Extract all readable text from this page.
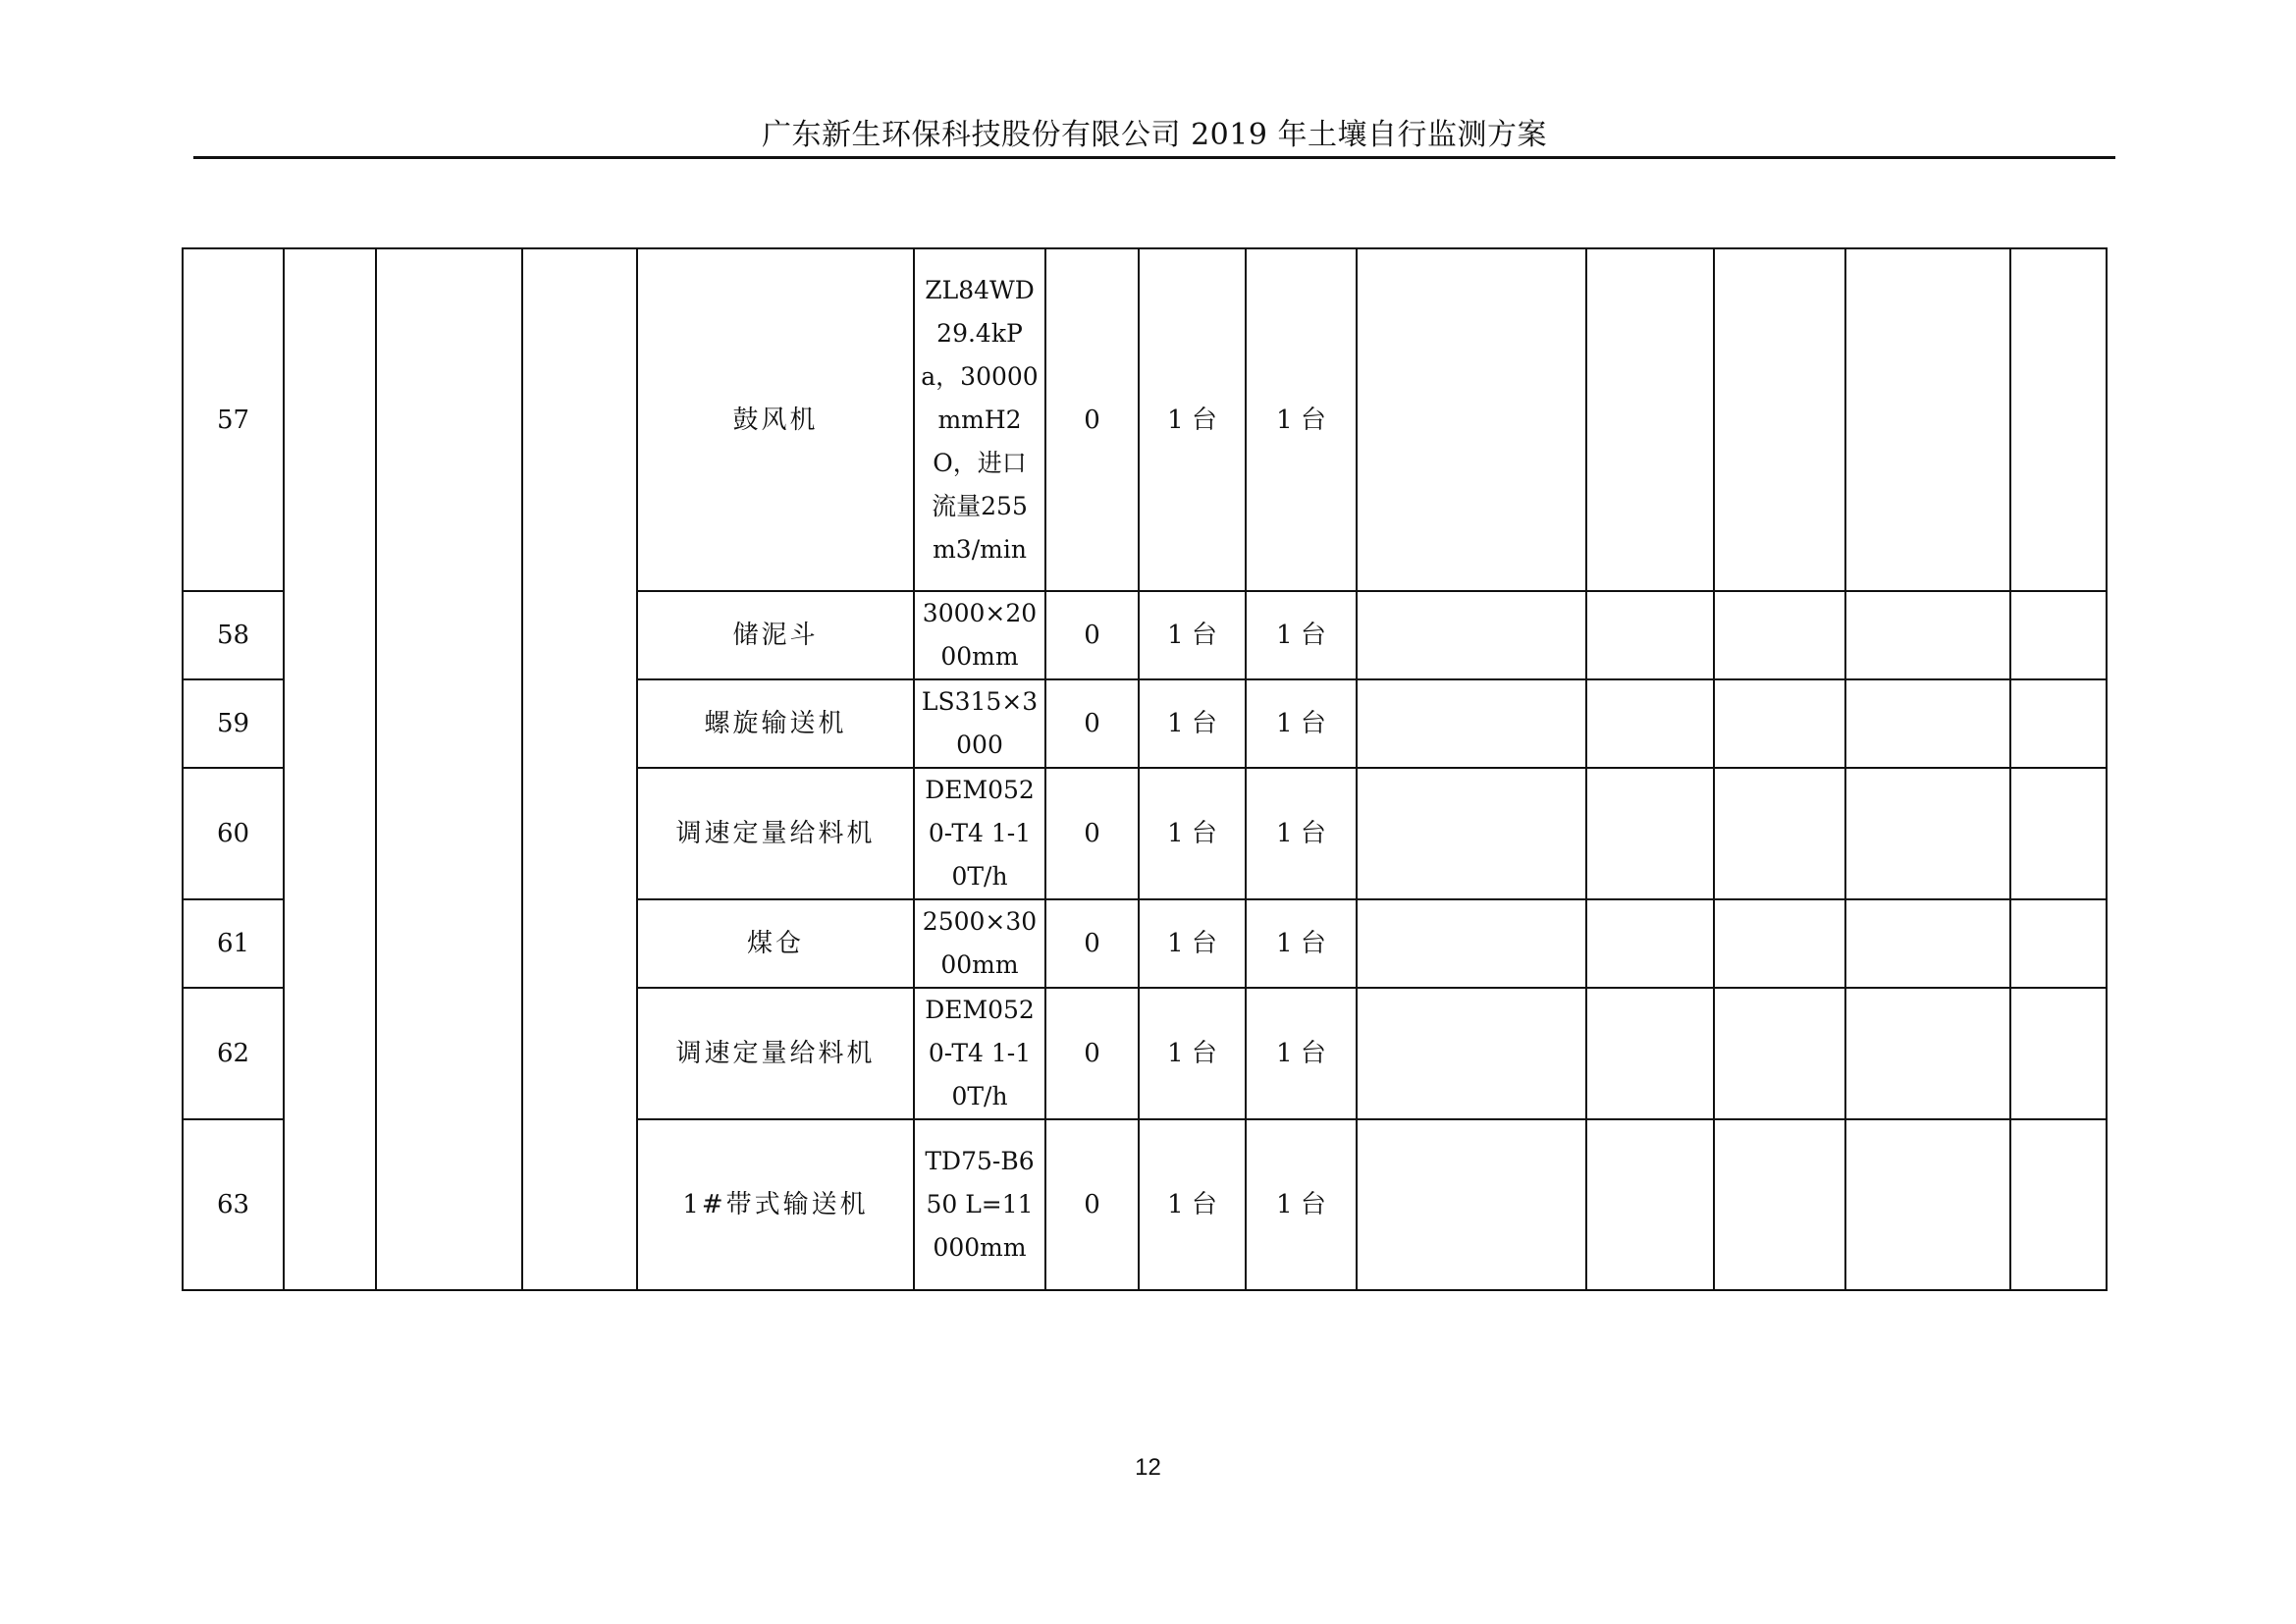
广东新生环保科技股份有限公司 2019 年土壤自行监测方案
57				鼓风机	ZL84WD 29.4kPa，30000mmH2O，进口流量255m3/min	0	1 台	1 台					
58				储泥斗	3000×2000mm	0	1 台	1 台					
59				螺旋输送机	LS315×3000	0	1 台	1 台					
60				调速定量给料机	DEM0520-T4 1-10T/h	0	1 台	1 台					
61				煤仓	2500×3000mm	0	1 台	1 台					
62				调速定量给料机	DEM0520-T4 1-10T/h	0	1 台	1 台					
63				1#带式输送机	TD75-B650 L=11000mm	0	1 台	1 台					
12
